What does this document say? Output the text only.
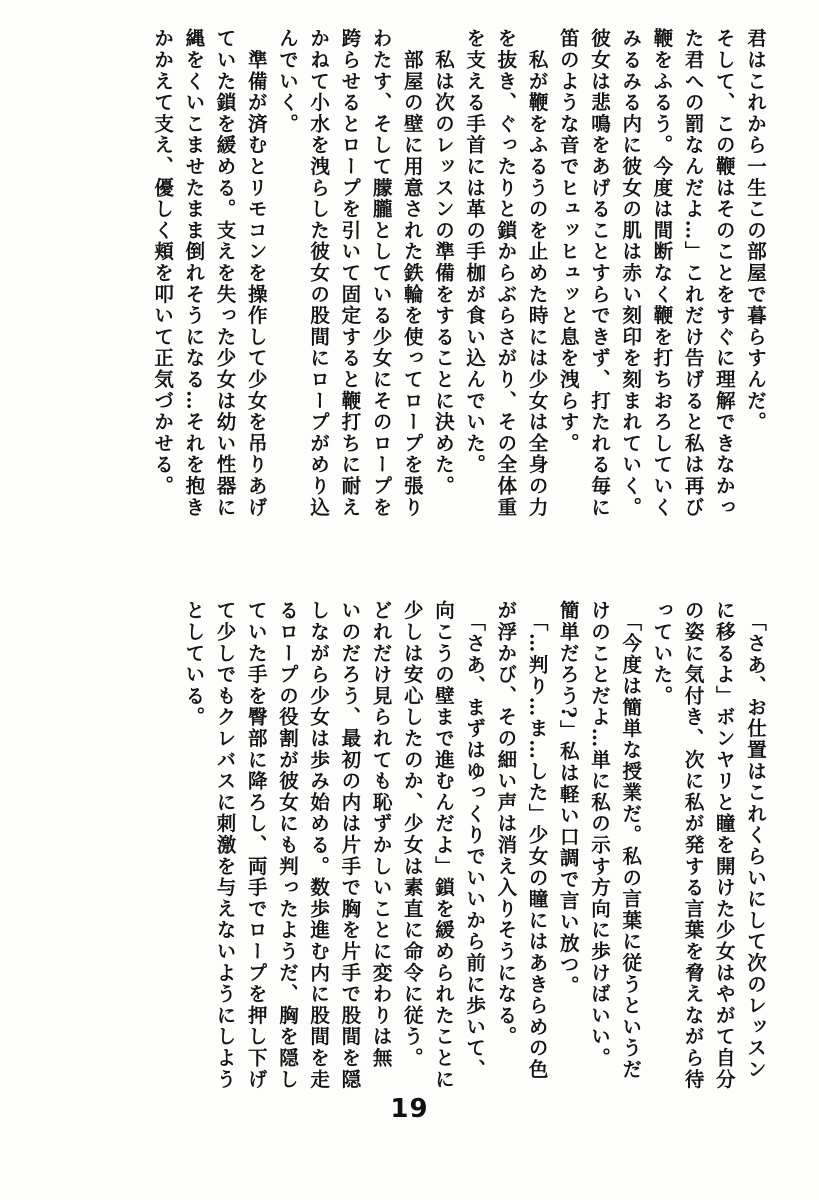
君はこれから一生この部屋で暮らすんだ。
そして、この鞭はそのことをすぐに理解できなかっ
た君への罰なんだよ…」これだけ告げると私は再び
鞭をふるう。今度は間断なく鞭を打ちおろしていく
みるみる内に彼女の肌は赤い刻印を刻まれていく。
彼女は悲鳴をあげることすらできず、打たれる毎に
笛のような音でヒュッヒュッと息を洩らす。
　私が鞭をふるうのを止めた時には少女は全身の力
を抜き、ぐったりと鎖からぶらさがり、その全体重
を支える手首には革の手枷が食い込んでいた。
　私は次のレッスンの準備をすることに決めた。
　部屋の壁に用意された鉄輪を使ってロープを張り
わたす、そして朦朧としている少女にそのロープを
跨らせるとロープを引いて固定すると鞭打ちに耐え
かねて小水を洩らした彼女の股間にロープがめり込
んでいく。
　準備が済むとリモコンを操作して少女を吊りあげ
ていた鎖を緩める。支えを失った少女は幼い性器に
縄をくいこませたまま倒れそうになる…それを抱き
かかえて支え、優しく頬を叩いて正気づかせる。
　「さあ、お仕置はこれくらいにして次のレッスン
に移るよ」ボンヤリと瞳を開けた少女はやがて自分
の姿に気付き、次に私が発する言葉を脅えながら待
っていた。
　「今度は簡単な授業だ。私の言葉に従うというだ
けのことだよ…単に私の示す方向に歩けばいい。
簡単だろう?」私は軽い口調で言い放つ。
　「…判り…ま…した」少女の瞳にはあきらめの色
が浮かび、その細い声は消え入りそうになる。
　「さあ、まずはゆっくりでいいから前に歩いて、
向こうの壁まで進むんだよ」鎖を緩められたことに
少しは安心したのか、少女は素直に命令に従う。
どれだけ見られても恥ずかしいことに変わりは無
いのだろう、最初の内は片手で胸を片手で股間を隠
しながら少女は歩み始める。数歩進む内に股間を走
るロープの役割が彼女にも判ったようだ、胸を隠し
ていた手を臀部に降ろし、両手でロープを押し下げ
て少しでもクレバスに刺激を与えないようにしよう
としている。
19
